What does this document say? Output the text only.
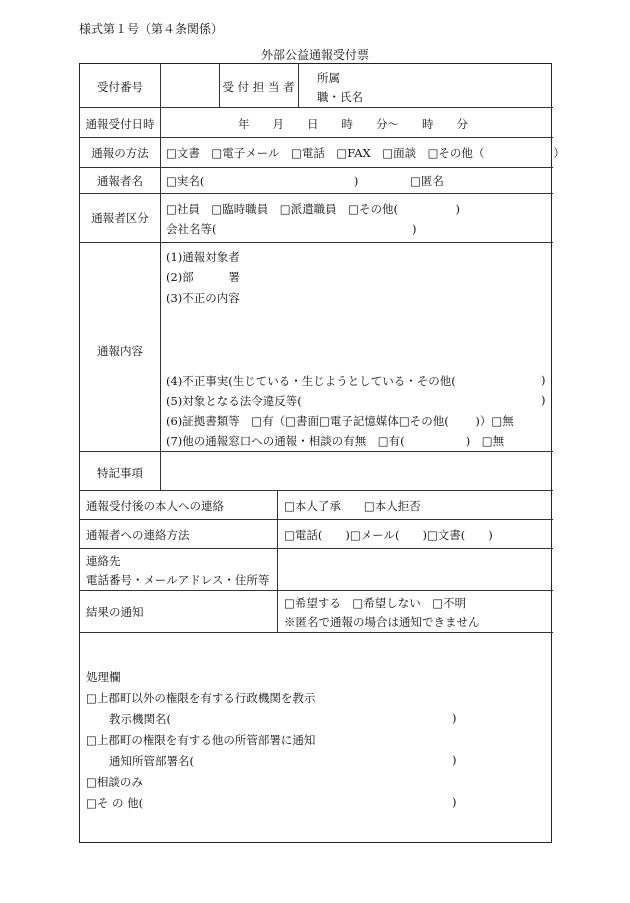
様式第１号（第４条関係）
外部公益通報受付票
受付番号	受 付 担 当 者
所属
職・氏名
通報受付日時	年　　月　　日　　時　　分～　　時　　分
通報の方法	□文書　□電子メール　□電話　□FAX　□面談　□その他（　　　　　　）
通報者名	□実名(　　　　　　　　　　　　　)	□匿名
通報者区分
□社員　□臨時職員　□派遣職員　□その他(　　　　　)
会社名等(　　　　　　　　　　　　　　　　　)
通報内容
(1)通報対象者
(2)部　　　署
(3)不正の内容
(4)不正事実(生じている・生じようとしている・その他(	)
(5)対象となる法令違反等(	)
(6)証拠書類等　□有（□書面□電子記憶媒体□その他(　　 )）□無
(7)他の通報窓口への通報・相談の有無　□有(　　　　　 )　□無
特記事項
通報受付後の本人への連絡	□本人了承　　□本人拒否
通報者への連絡方法	□電話(　　)□メール(　　)□文書(　　)
連絡先
電話番号・メールアドレス・住所等
結果の通知
□希望する　□希望しない　□不明
※匿名で通報の場合は通知できません
処理欄
□上郡町以外の権限を有する行政機関を教示
教示機関名(	)
□上郡町の権限を有する他の所管部署に通知
通知所管部署名(	)
□相談のみ
□そ の 他(	)
